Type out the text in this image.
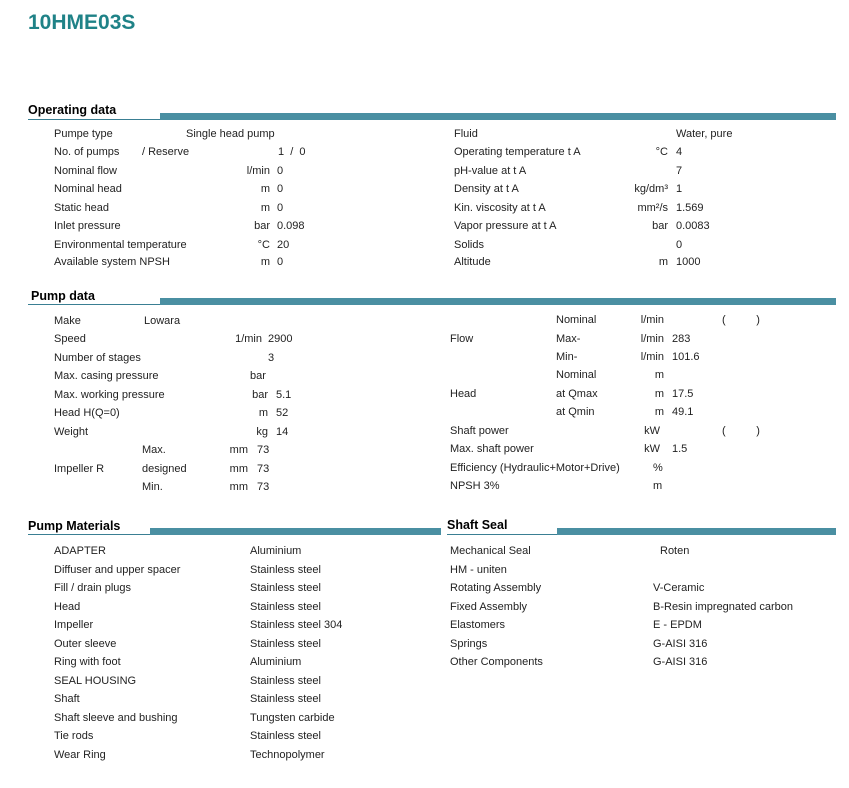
10HME03S
Operating data
Pump data
Pump Materials	Shaft Seal
Pumpe type	Single head pump
No. of pumps / Reserve	1  /  0
Nominal flow	l/min 0
Nominal head	m 0
Static head	m 0
Inlet pressure	bar 0.098
Environmental temperature	°C 20
Available system NPSH	m 0
Fluid	Water, pure
Operating temperature t A	°C 4
pH-value at t A	7
Density at t A	kg/dm³ 1
Kin. viscosity at t A	mm²/s 1.569
Vapor pressure at t A	bar 0.0083
Solids	0
Altitude	m 1000
Make	Lowara
Speed	1/min 2900
Number of stages	3
Max. casing pressure	bar
Max. working pressure	bar 5.1
Head H(Q=0)	m 52
Weight	kg 14
Max.	mm 73
Impeller R	designed	mm 73
Min.	mm 73
Nominal	l/min	(          )
Flow	Max-	l/min 283
Min-	l/min 101.6
Nominal	m
Head	at Qmax	m 17.5
at Qmin	m 49.1
Shaft power	kW	(          )
Max. shaft power	kW 1.5
Efficiency (Hydraulic+Motor+Drive)	%
NPSH 3%	m
ADAPTER	Aluminium
Diffuser and upper spacer	Stainless steel
Fill / drain plugs	Stainless steel
Head	Stainless steel
Impeller	Stainless steel 304
Outer sleeve	Stainless steel
Ring with foot	Aluminium
SEAL HOUSING	Stainless steel
Shaft	Stainless steel
Shaft sleeve and bushing	Tungsten carbide
Tie rods	Stainless steel
Wear Ring	Technopolymer
Mechanical Seal	Roten
HM - uniten
Rotating Assembly	V-Ceramic
Fixed Assembly	B-Resin impregnated carbon
Elastomers	E - EPDM
Springs	G-AISI 316
Other Components	G-AISI 316
